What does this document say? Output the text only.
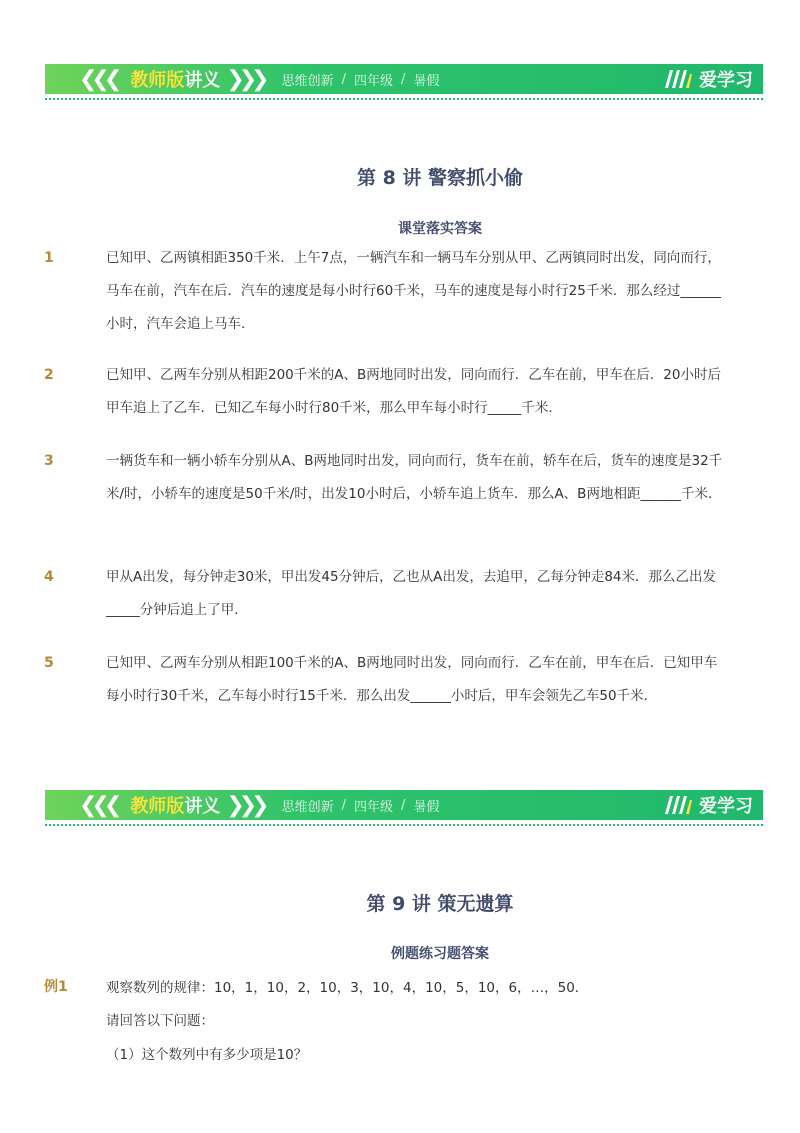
❮❮❮ 教师版 讲义 ❯❯❯ 思维创新 / 四年级 / 暑假	爱学习
第 8 讲 警察抓小偷
课堂落实答案
1	已知甲、乙两镇相距350千米．上午7点，一辆汽车和一辆马车分别从甲、乙两镇同时出发，同向而行，马车在前，汽车在后．汽车的速度是每小时行60千米，马车的速度是每小时行25千米．那么经过______小时，汽车会追上马车．
2	已知甲、乙两车分别从相距200千米的A、B两地同时出发，同向而行．乙车在前，甲车在后．20小时后甲车追上了乙车．已知乙车每小时行80千米，那么甲车每小时行_____千米．
3	一辆货车和一辆小轿车分别从A、B两地同时出发，同向而行，货车在前，轿车在后，货车的速度是32千米/时，小轿车的速度是50千米/时，出发10小时后，小轿车追上货车．那么A、B两地相距______千米．
4	甲从A出发，每分钟走30米，甲出发45分钟后，乙也从A出发，去追甲，乙每分钟走84米．那么乙出发_____分钟后追上了甲．
5	已知甲、乙两车分别从相距100千米的A、B两地同时出发，同向而行．乙车在前，甲车在后．已知甲车每小时行30千米，乙车每小时行15千米．那么出发______小时后，甲车会领先乙车50千米．
❮❮❮ 教师版 讲义 ❯❯❯ 思维创新 / 四年级 / 暑假	爱学习
第 9 讲 策无遗算
例题练习题答案
例1	观察数列的规律：10，1，10，2，10，3，10，4，10，5，10，6，…，50．
请回答以下问题：
（1）这个数列中有多少项是10？
